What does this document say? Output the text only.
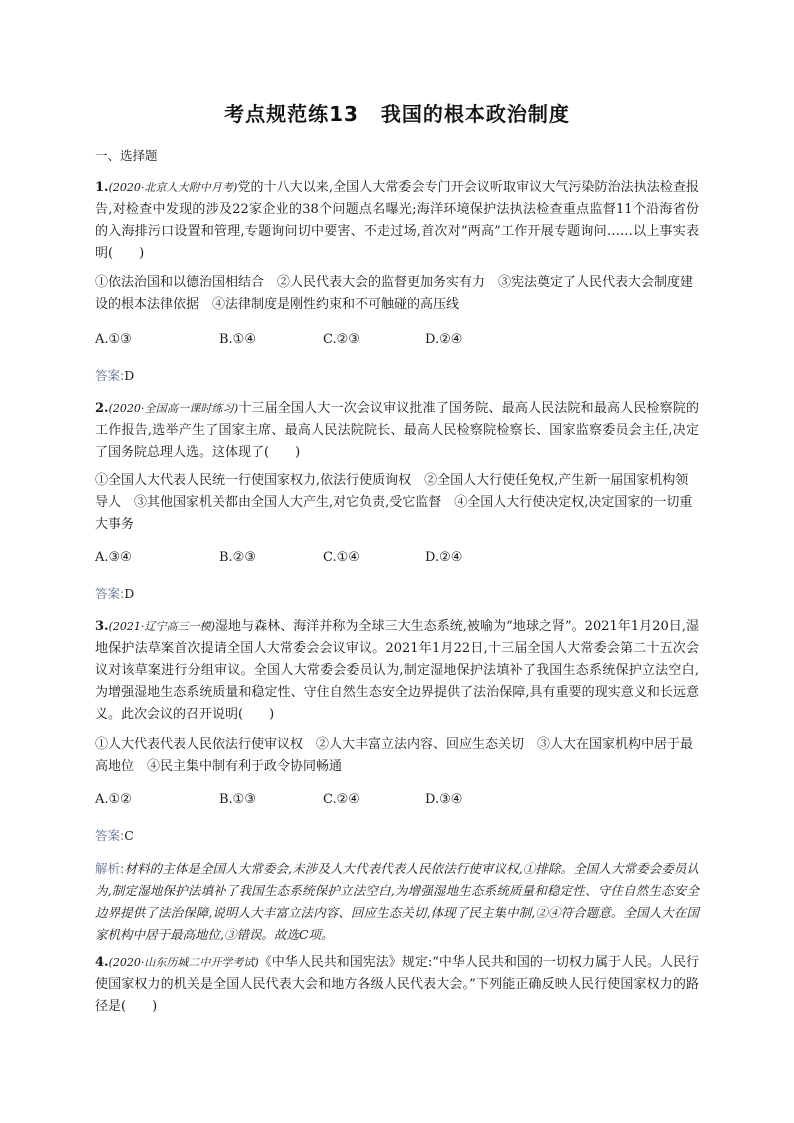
考点规范练13 我国的根本政治制度
一、选择题
1.(2020·北京人大附中月考)党的十八大以来,全国人大常委会专门开会议听取审议大气污染防治法执法检查报告,对检查中发现的涉及22家企业的38个问题点名曝光;海洋环境保护法执法检查重点监督11个沿海省份的入海排污口设置和管理,专题询问切中要害、不走过场,首次对“两高”工作开展专题询问……以上事实表明(　　)
①依法治国和以德治国相结合　②人民代表大会的监督更加务实有力　③宪法奠定了人民代表大会制度建设的根本法律依据　④法律制度是刚性约束和不可触碰的高压线
A.①③	B.①④	C.②③	D.②④
答案:D
2.(2020·全国高一课时练习)十三届全国人大一次会议审议批准了国务院、最高人民法院和最高人民检察院的工作报告,选举产生了国家主席、最高人民法院院长、最高人民检察院检察长、国家监察委员会主任,决定了国务院总理人选。这体现了(　　)
①全国人大代表人民统一行使国家权力,依法行使质询权　②全国人大行使任免权,产生新一届国家机构领导人　③其他国家机关都由全国人大产生,对它负责,受它监督　④全国人大行使决定权,决定国家的一切重大事务
A.③④	B.②③	C.①④	D.②④
答案:D
3.(2021·辽宁高三一模)湿地与森林、海洋并称为全球三大生态系统,被喻为“地球之肾”。2021年1月20日,湿地保护法草案首次提请全国人大常委会会议审议。2021年1月22日,十三届全国人大常委会第二十五次会议对该草案进行分组审议。全国人大常委会委员认为,制定湿地保护法填补了我国生态系统保护立法空白,为增强湿地生态系统质量和稳定性、守住自然生态安全边界提供了法治保障,具有重要的现实意义和长远意义。此次会议的召开说明(　　)
①人大代表代表人民依法行使审议权　②人大丰富立法内容、回应生态关切　③人大在国家机构中居于最高地位　④民主集中制有利于政令协同畅通
A.①②	B.①③	C.②④	D.③④
答案:C
解析:材料的主体是全国人大常委会,未涉及人大代表代表人民依法行使审议权,①排除。全国人大常委会委员认为,制定湿地保护法填补了我国生态系统保护立法空白,为增强湿地生态系统质量和稳定性、守住自然生态安全边界提供了法治保障,说明人大丰富立法内容、回应生态关切,体现了民主集中制,②④符合题意。全国人大在国家机构中居于最高地位,③错误。故选C项。
4.(2020·山东历城二中开学考试)《中华人民共和国宪法》规定:“中华人民共和国的一切权力属于人民。人民行使国家权力的机关是全国人民代表大会和地方各级人民代表大会。”下列能正确反映人民行使国家权力的路径是(　　)
